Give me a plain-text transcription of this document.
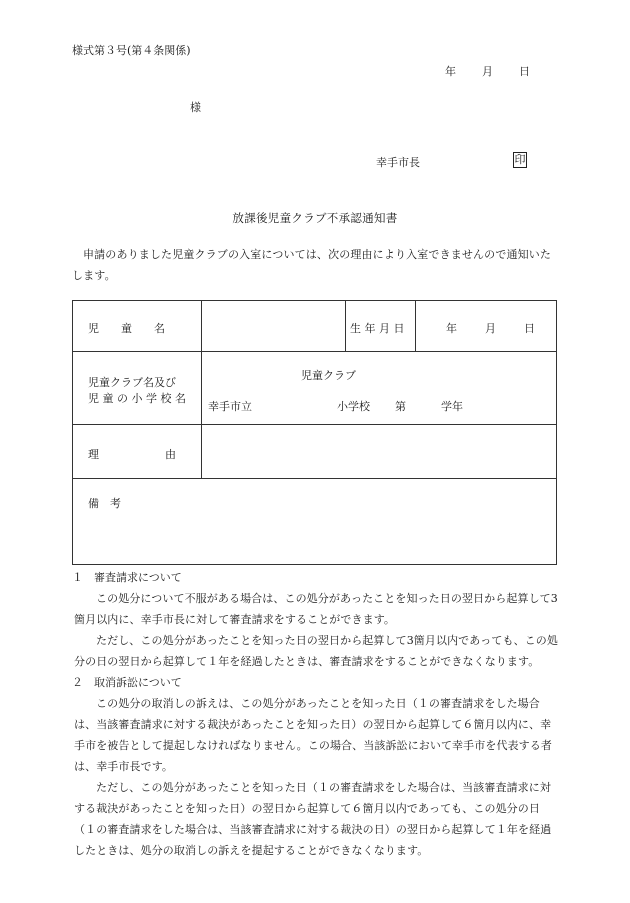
様式第３号(第４条関係)
年 月 日
様
幸手市長	印
放課後児童クラブ不承認通知書
申請のありました児童クラブの入室については、次の理由により入室できませんので通知いたします。
児　　童　　名	生 年 月 日	年	月	日
児童クラブ名及び
児 童 の 小 学 校 名
児童クラブ
幸手市立	小学校 第	学年
理　　　　　　由
備　考
１　審査請求について

この処分について不服がある場合は、この処分があったことを知った日の翌日から起算して3箇月以内に、幸手市長に対して審査請求をすることができます。

ただし、この処分があったことを知った日の翌日から起算して3箇月以内であっても、この処分の日の翌日から起算して１年を経過したときは、審査請求をすることができなくなります。

２　取消訴訟について

この処分の取消しの訴えは、この処分があったことを知った日（１の審査請求をした場合は、当該審査請求に対する裁決があったことを知った日）の翌日から起算して６箇月以内に、幸手市を被告として提起しなければなりません。この場合、当該訴訟において幸手市を代表する者は、幸手市長です。

ただし、この処分があったことを知った日（１の審査請求をした場合は、当該審査請求に対する裁決があったことを知った日）の翌日から起算して６箇月以内であっても、この処分の日（１の審査請求をした場合は、当該審査請求に対する裁決の日）の翌日から起算して１年を経過したときは、処分の取消しの訴えを提起することができなくなります。
